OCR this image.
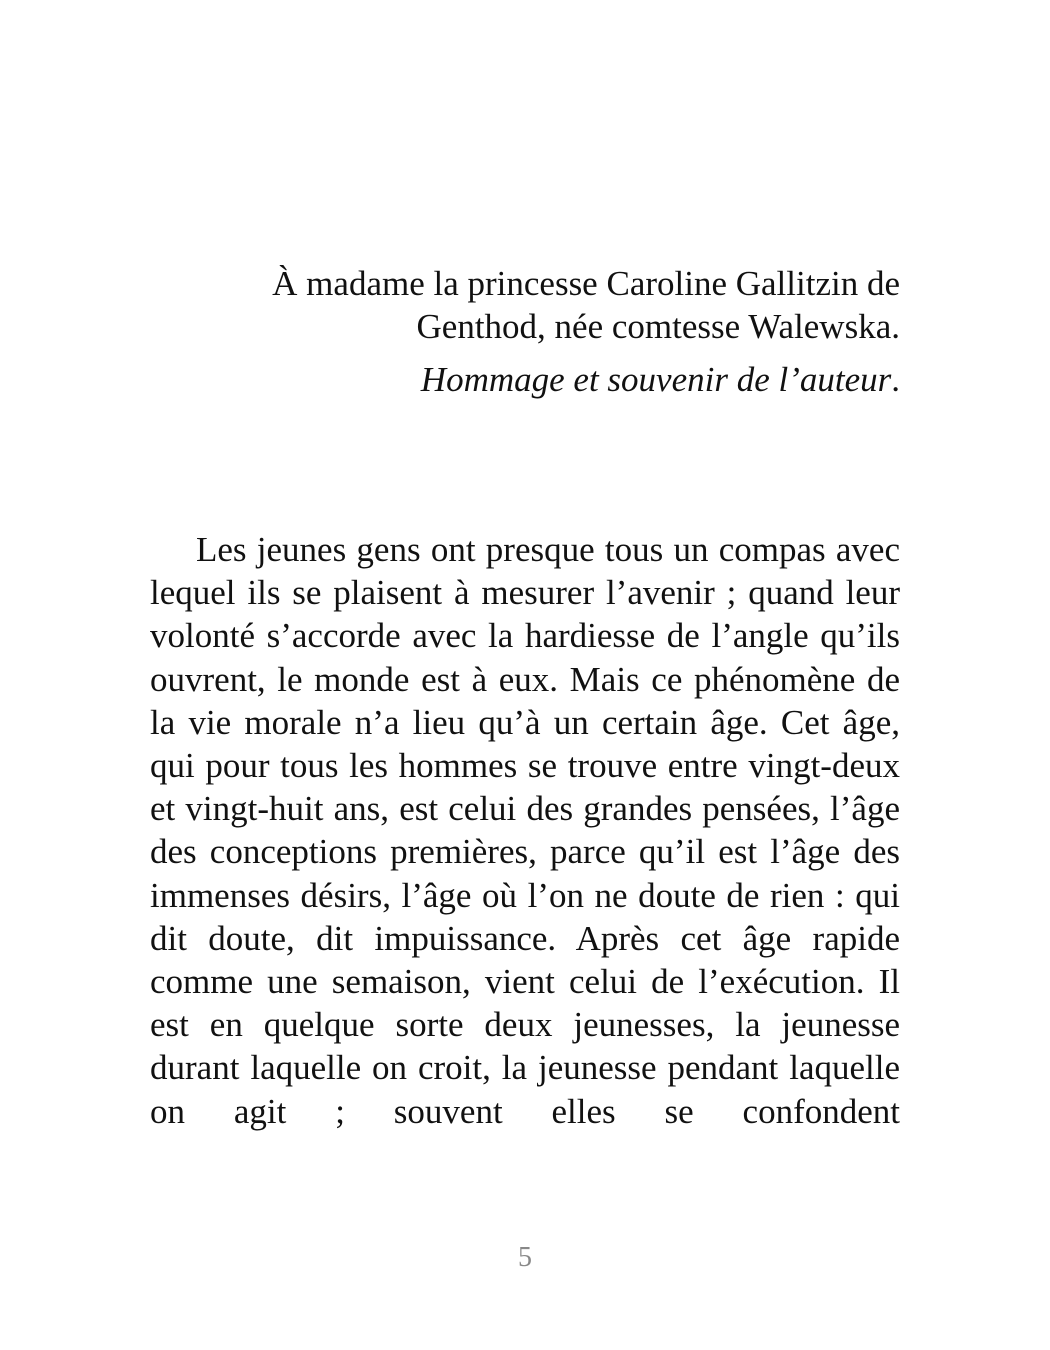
À madame la princesse Caroline Gallitzin de

Genthod, née comtesse Walewska.

Hommage et souvenir de l’auteur.

Les jeunes gens ont presque tous un compas avec lequel ils se plaisent à mesurer l’avenir ; quand leur volonté s’accorde avec la hardiesse de l’angle qu’ils ouvrent, le monde est à eux. Mais ce phénomène de la vie morale n’a lieu qu’à un certain âge. Cet âge, qui pour tous les hommes se trouve entre vingt-deux et vingt-huit ans, est celui des grandes pensées, l’âge des conceptions premières, parce qu’il est l’âge des immenses désirs, l’âge où l’on ne doute de rien : qui dit doute, dit impuissance. Après cet âge rapide comme une semaison, vient celui de l’exécution. Il est en quelque sorte deux jeunesses, la jeunesse durant laquelle on croit, la jeunesse pendant laquelle on agit ; souvent elles se confondent

5
